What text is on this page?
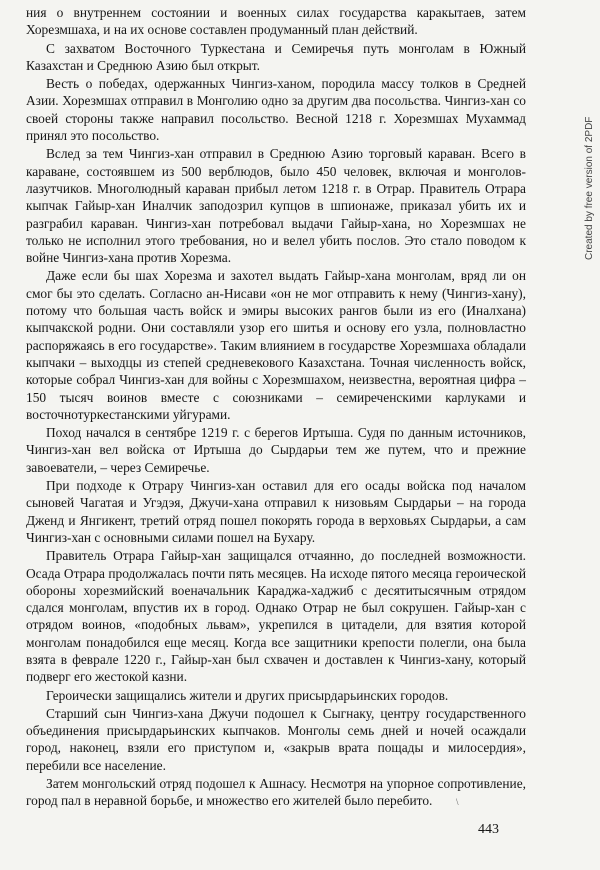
ния о внутреннем состоянии и военных силах государства каракытаев, затем Хорезмшаха, и на их основе составлен продуманный план действий.

С захватом Восточного Туркестана и Семиречья путь монголам в Южный Казахстан и Среднюю Азию был открыт.

Весть о победах, одержанных Чингиз-ханом, породила массу толков в Средней Азии. Хорезмшах отправил в Монголию одно за другим два посольства. Чингиз-хан со своей стороны также направил посольство. Весной 1218 г. Хорезмшах Мухаммад принял это посольство.

Вслед за тем Чингиз-хан отправил в Среднюю Азию торговый караван. Всего в караване, состоявшем из 500 верблюдов, было 450 человек, включая и монголов-лазутчиков. Многолюдный караван прибыл летом 1218 г. в Отрар. Правитель Отрара кыпчак Гайыр-хан Иналчик заподозрил купцов в шпионаже, приказал убить их и разграбил караван. Чингиз-хан потребовал выдачи Гайыр-хана, но Хорезмшах не только не исполнил этого требования, но и велел убить послов. Это стало поводом к войне Чингиз-хана против Хорезма.

Даже если бы шах Хорезма и захотел выдать Гайыр-хана монголам, вряд ли он смог бы это сделать. Согласно ан-Нисави «он не мог отправить к нему (Чингиз-хану), потому что большая часть войск и эмиры высоких рангов были из его (Иналхана) кыпчакской родни. Они составляли узор его шитья и основу его узла, полновластно распоряжаясь в его государстве». Таким влиянием в государстве Хорезмшаха обладали кыпчаки – выходцы из степей средневекового Казахстана. Точная численность войск, которые собрал Чингиз-хан для войны с Хорезмшахом, неизвестна, вероятная цифра – 150 тысяч воинов вместе с союзниками – семиреченскими карлуками и восточнотуркестанскими уйгурами.

Поход начался в сентябре 1219 г. с берегов Иртыша. Судя по данным источников, Чингиз-хан вел войска от Иртыша до Сырдарьи тем же путем, что и прежние завоеватели, – через Семиречье.

При подходе к Отрару Чингиз-хан оставил для его осады войска под началом сыновей Чагатая и Угэдэя, Джучи-хана отправил к низовьям Сырдарьи – на города Дженд и Янгикент, третий отряд пошел покорять города в верховьях Сырдарьи, а сам Чингиз-хан с основными силами пошел на Бухару.

Правитель Отрара Гайыр-хан защищался отчаянно, до последней возможности. Осада Отрара продолжалась почти пять месяцев. На исходе пятого месяца героической обороны хорезмийский военачальник Караджа-хаджиб с десятитысячным отрядом сдался монголам, впустив их в город. Однако Отрар не был сокрушен. Гайыр-хан с отрядом воинов, «подобных львам», укрепился в цитадели, для взятия которой монголам понадобился еще месяц. Когда все защитники крепости полегли, она была взята в феврале 1220 г., Гайыр-хан был схвачен и доставлен к Чингиз-хану, который подверг его жестокой казни.

Героически защищались жители и других присырдарьинских городов.

Старший сын Чингиз-хана Джучи подошел к Сыгнаку, центру государственного объединения присырдарьинских кыпчаков. Монголы семь дней и ночей осаждали город, наконец, взяли его приступом и, «закрыв врата пощады и милосердия», перебили все население.

Затем монгольский отряд подошел к Ашнасу. Несмотря на упорное сопротивление, город пал в неравной борьбе, и множество его жителей было перебито.	\
443
Created by free version of 2PDF
